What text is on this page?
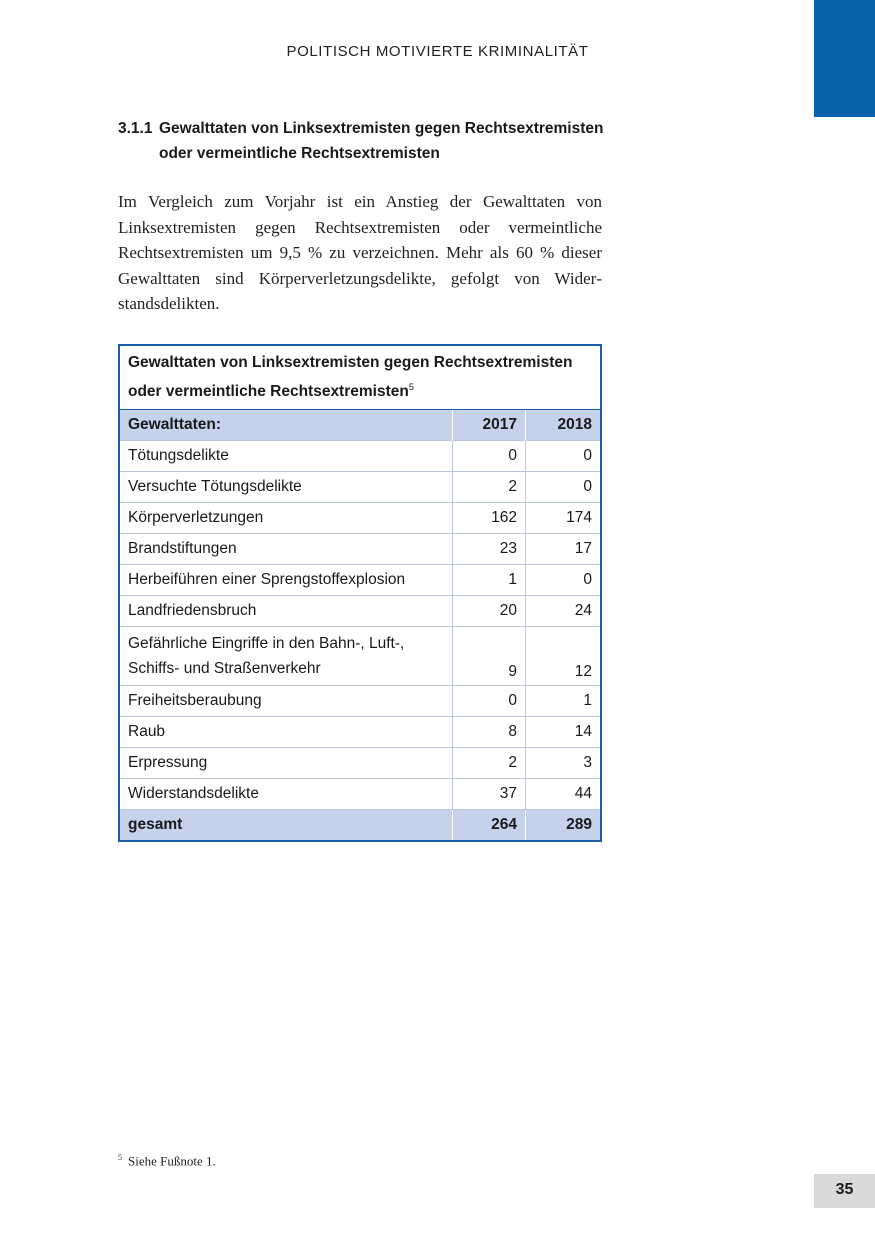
POLITISCH MOTIVIERTE KRIMINALITÄT
3.1.1 Gewalttaten von Linksextremisten gegen Rechtsextremisten
oder vermeintliche Rechtsextremisten

Im Vergleich zum Vorjahr ist ein Anstieg der Gewalttaten von Linksextremisten gegen Rechtsextremisten oder vermeintliche Rechtsextremisten um 9,5 % zu verzeichnen. Mehr als 60 % dieser Gewalttaten sind Körperverletzungsdelikte, gefolgt von Widerstandsdelikten.

Gewalttaten von Linksextremisten gegen Rechtsextremisten
oder vermeintliche Rechtsextremisten$^5$
Gewalttaten:	2017	2018
Tötungsdelikte	0	0
Versuchte Tötungsdelikte	2	0
Körperverletzungen	162	174
Brandstiftungen	23	17
Herbeiführen einer Sprengstoffexplosion	1	0
Landfriedensbruch	20	24
Gefährliche Eingriffe in den Bahn-, Luft-,
Schiffs- und Straßenverkehr	9	12
Freiheitsberaubung	0	1
Raub	8	14
Erpressung	2	3
Widerstandsdelikte	37	44
gesamt	264	289
$^5$ Siehe Fußnote 1.
35
